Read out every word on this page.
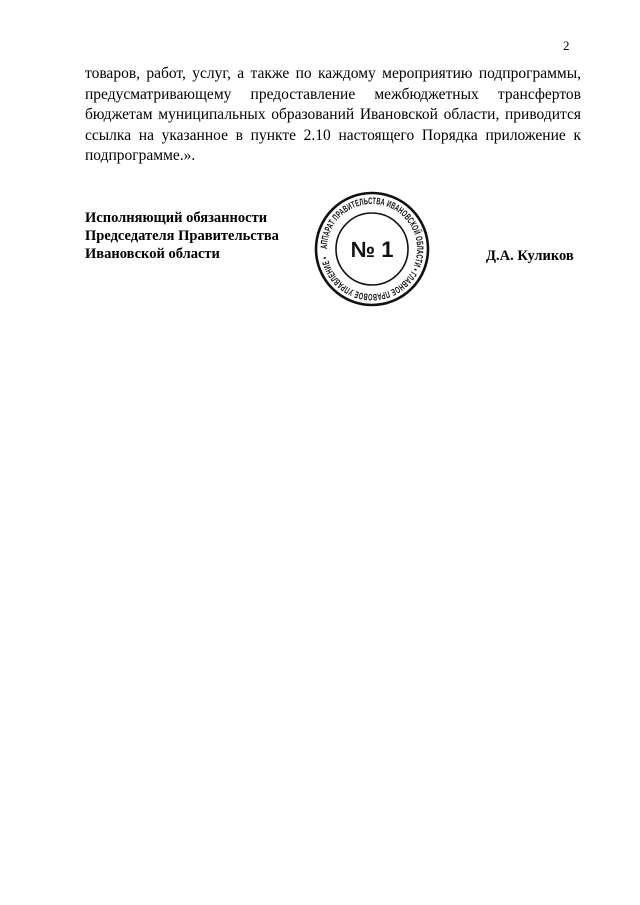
2
товаров, работ, услуг, а также по каждому мероприятию подпрограммы,
предусматривающему предоставление межбюджетных трансфертов
бюджетам муниципальных образований Ивановской области, приводится
ссылка на указанное в пункте 2.10 настоящего Порядка приложение к
подпрограмме.».
Исполняющий обязанности
Председателя Правительства
Ивановской области
АППАРАТ ПРАВИТЕЛЬСТВА ИВАНОВСКОЙ ОБЛАСТИ • ГЛАВНОЕ ПРАВОВОЕ УПРАВЛЕНИЕ • № 1	Д.А. Куликов
